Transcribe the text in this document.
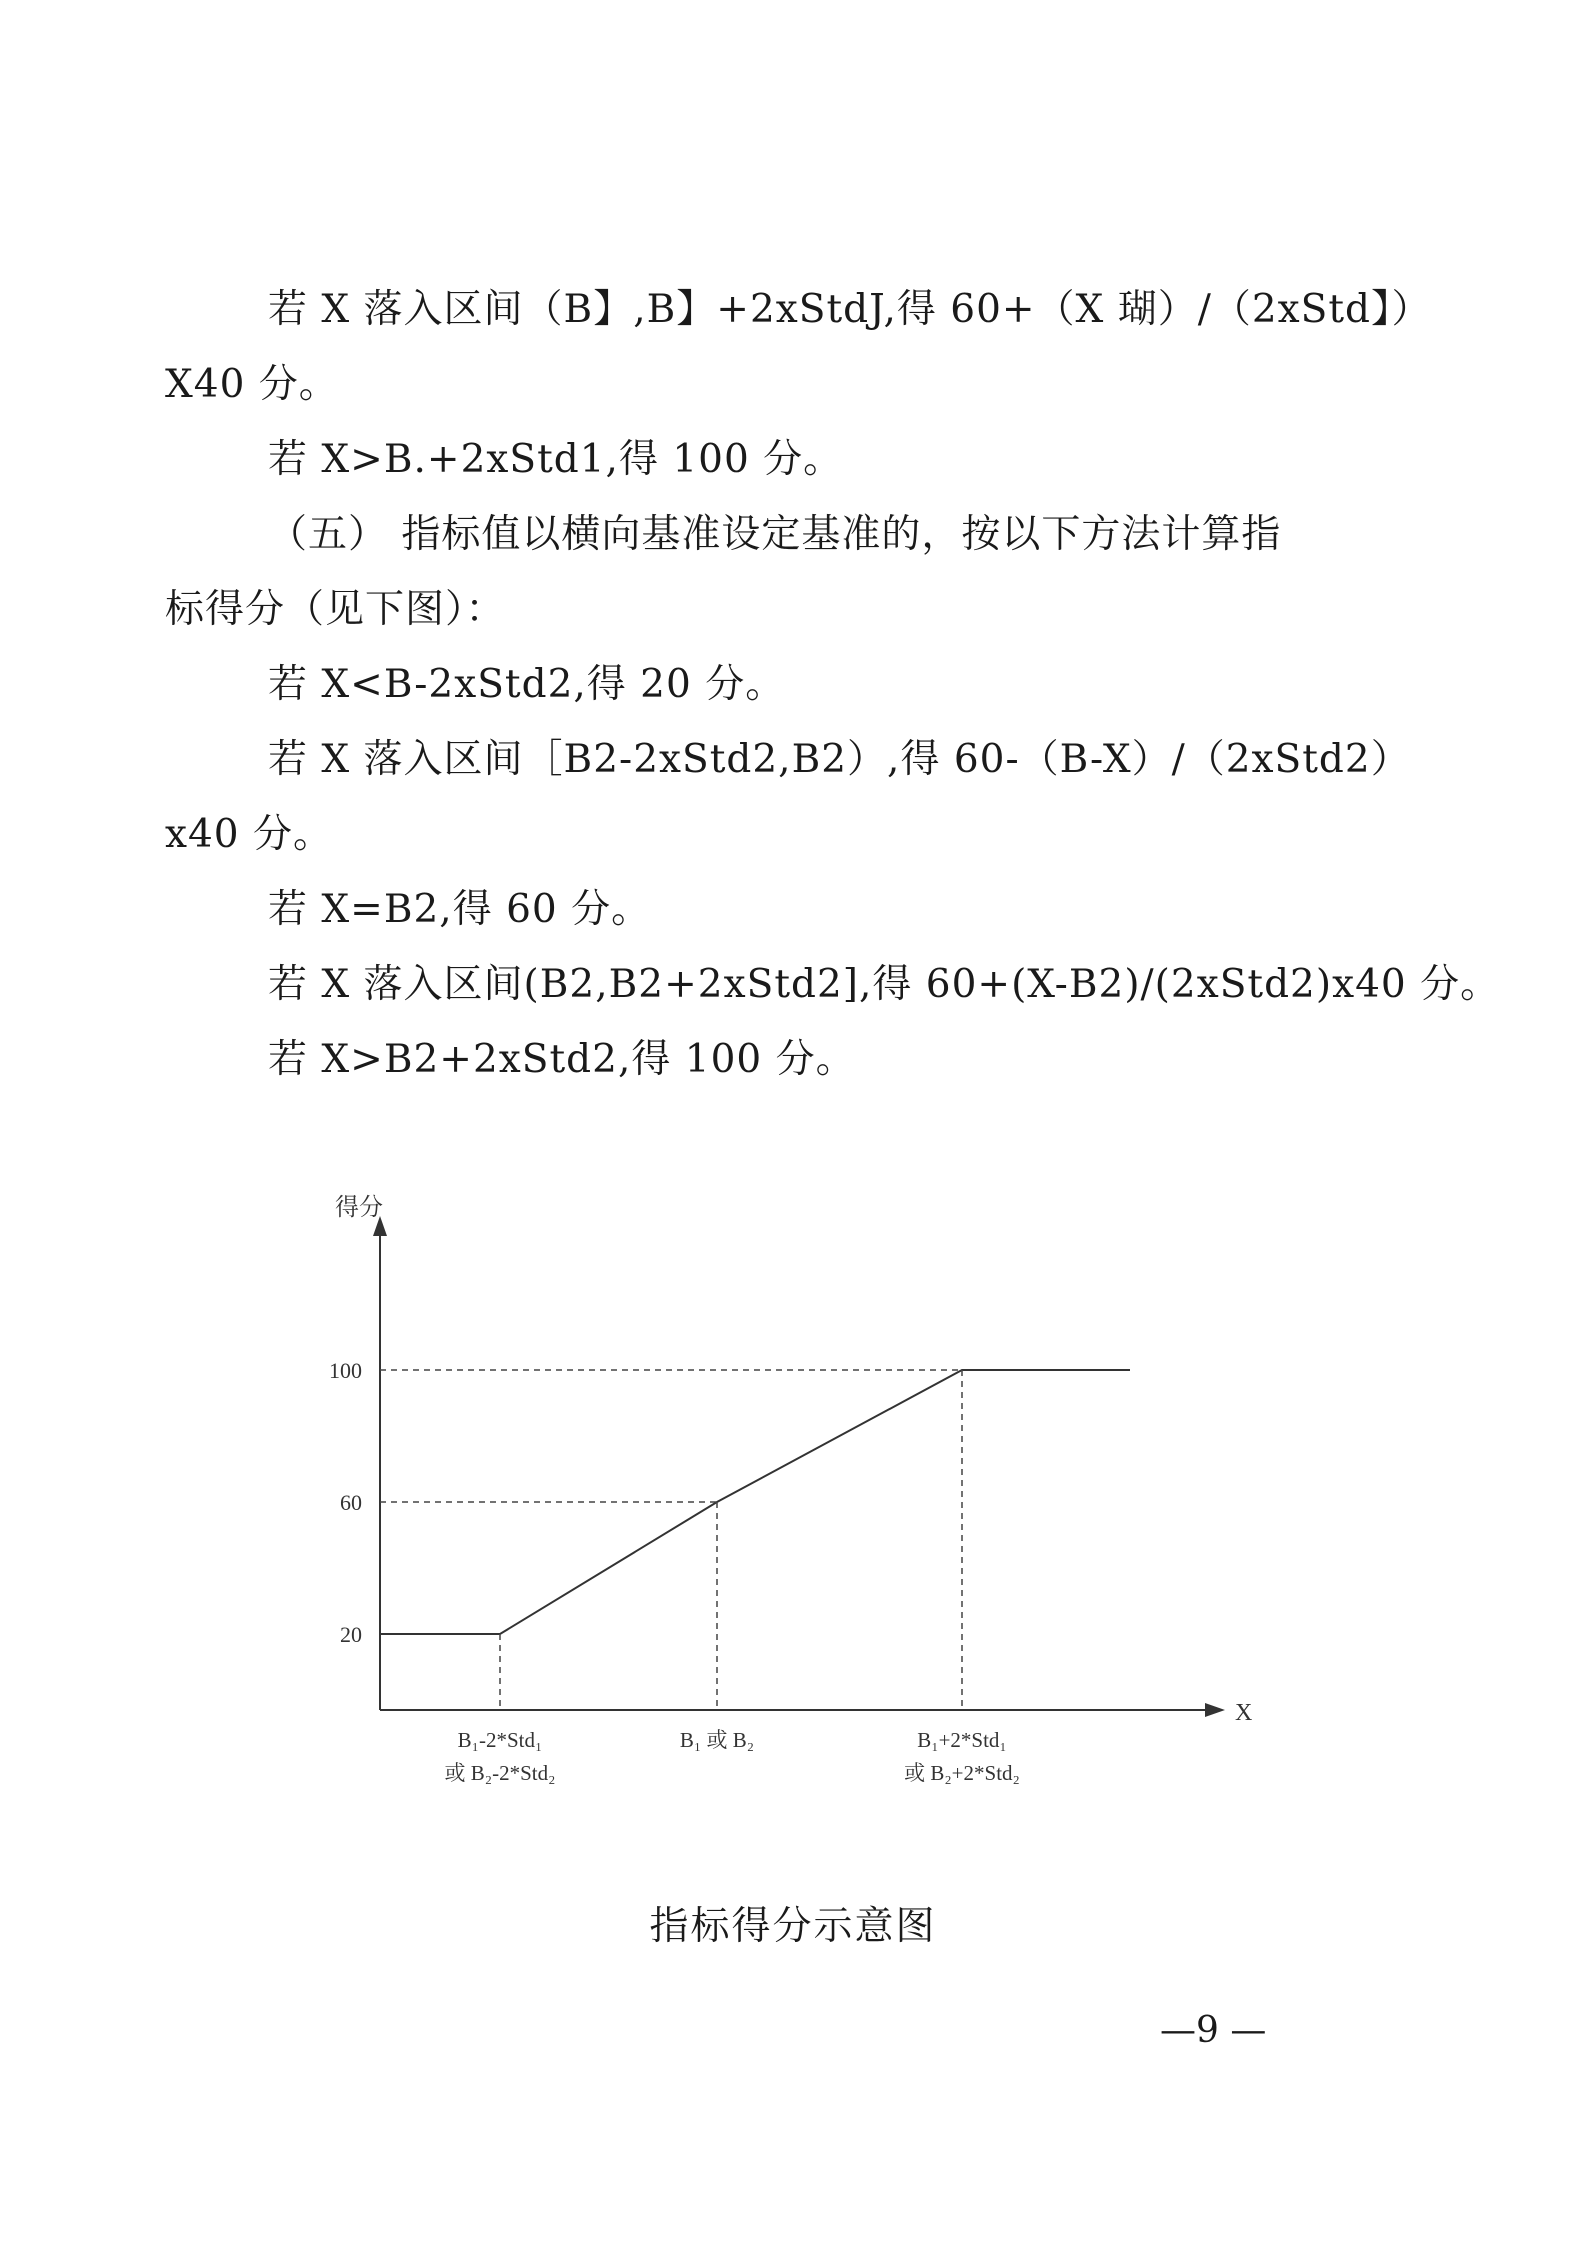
若 X 落入区间（B】,B】+2xStdJ,得 60+（X 瑚）/（2xStd】）
X40 分。
若 X>B.+2xStd1,得 100 分。
（五） 指标值以横向基准设定基准的，按以下方法计算指
标得分（见下图）：
若 X<B-2xStd2,得 20 分。
若 X 落入区间［B2-2xStd2,B2）,得 60-（B-X）/（2xStd2）
x40 分。
若 X=B2,得 60 分。
若 X 落入区间(B2,B2+2xStd2],得 60+(X-B2)/(2xStd2)x40 分。
若 X>B2+2xStd2,得 100 分。
得分
X
20
60
100
B₁-2*Std₁
或 B₂-2*Std₂
B₁ 或 B₂	B₁+2*Std₁
或 B₂+2*Std₂
指标得分示意图
—9 —
